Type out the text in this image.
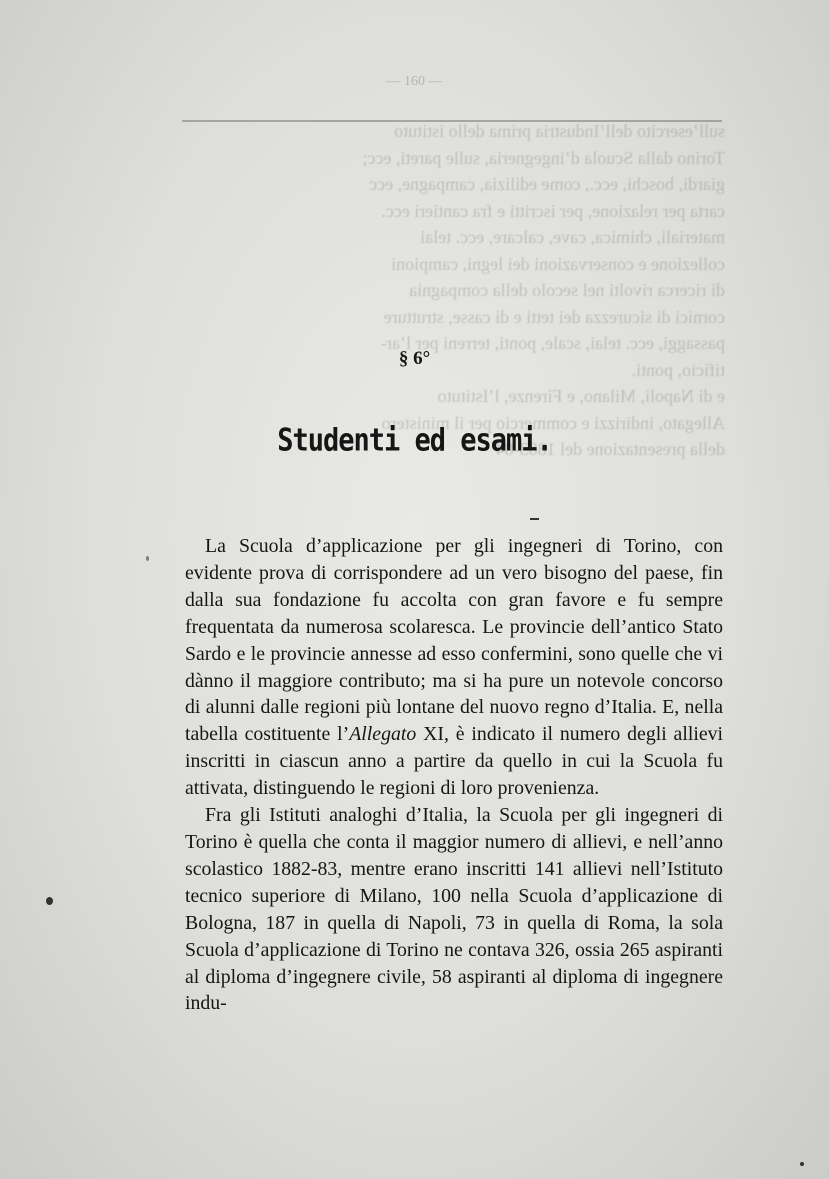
— 160 —
sull’esercito dell’Industria prima dello istituto
Torino dalla Scuola d’ingegneria, sulle pareti, ecc;
giardi, boschi, ecc., come edilizia, campagne, ecc
carta per relazione, per iscritti e fra cantieri ecc.
materiali, chimica, cave, calcare, ecc. telai
collezione e conservazioni dei legni, campioni
di ricerca rivolti nel secolo della compagnia
cornici di sicurezza dei tetti e di casse, strutture
passaggi, ecc. telai, scale, ponti, terreni per l’ar-
tificio, ponti.
e di Napoli, Milano, e Firenze, l’Istituto
Allegato, indirizzi e commercio per il ministero
della presentazione del 1883-84
§ 6°
Studenti ed esami.

La Scuola d’applicazione per gli ingegneri di Torino, con evidente prova di corrispondere ad un vero bisogno del paese, fin dalla sua fondazione fu accolta con gran favore e fu sempre frequentata da numerosa scolaresca. Le provincie dell’antico Stato Sardo e le provincie annesse ad esso confermini, sono quelle che vi dànno il maggiore contributo; ma si ha pure un notevole concorso di alunni dalle regioni più lontane del nuovo regno d’Italia. E, nella tabella costituente l’Allegato XI, è indicato il numero degli allievi inscritti in ciascun anno a partire da quello in cui la Scuola fu attivata, distinguendo le regioni di loro provenienza.

Fra gli Istituti analoghi d’Italia, la Scuola per gli ingegneri di Torino è quella che conta il maggior numero di allievi, e nell’anno scolastico 1882-83, mentre erano inscritti 141 allievi nell’Istituto tecnico superiore di Milano, 100 nella Scuola d’applicazione di Bologna, 187 in quella di Napoli, 73 in quella di Roma, la sola Scuola d’applicazione di Torino ne contava 326, ossia 265 aspiranti al diploma d’ingegnere civile, 58 aspiranti al diploma di ingegnere indu-
